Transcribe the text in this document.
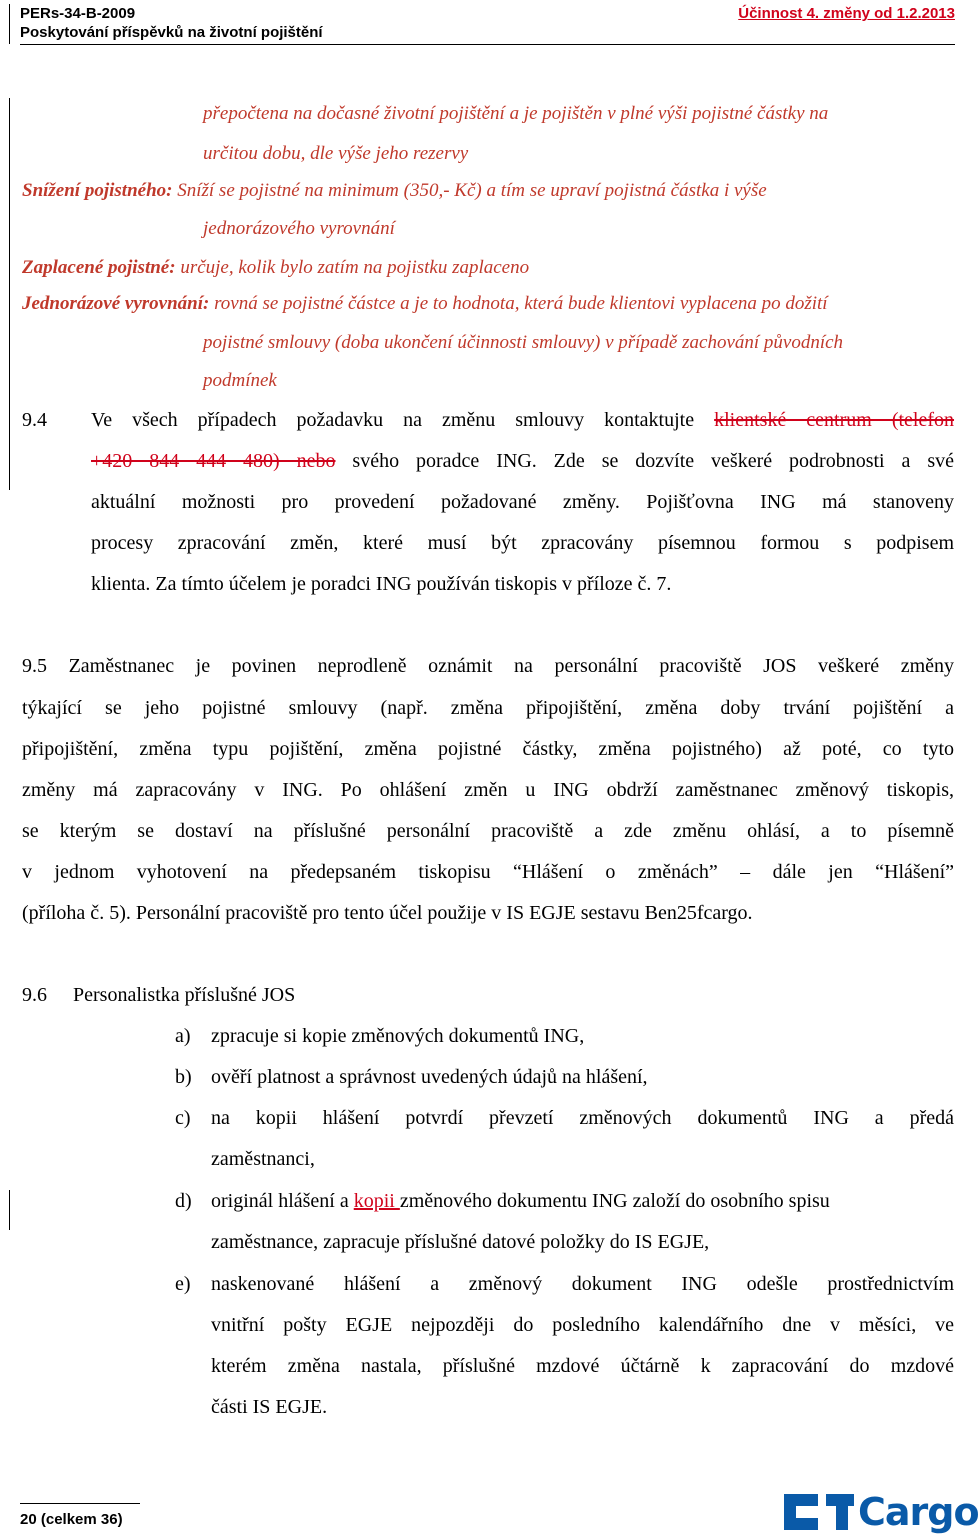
PERs-34-B-2009
Poskytování příspěvků na životní pojištění
Účinnost 4. změny od 1.2.2013
přepočtena na dočasné životní pojištění a je pojištěn v plné výši pojistné částky na
určitou dobu, dle výše jeho rezervy
Snížení pojistného: Sníží se pojistné na minimum (350,- Kč) a tím se upraví pojistná částka i výše
jednorázového vyrovnání
Zaplacené pojistné: určuje, kolik bylo zatím na pojistku zaplaceno
Jednorázové vyrovnání: rovná se pojistné částce a je to hodnota, která bude klientovi vyplacena po dožití
pojistné smlouvy (doba ukončení účinnosti smlouvy) v případě zachování původních
podmínek
9.4 Ve všech případech požadavku na změnu smlouvy kontaktujte klientské centrum (telefon
+420 844 444 480) nebo svého poradce ING. Zde se dozvíte veškeré podrobnosti a své
aktuální možnosti pro provedení požadované změny. Pojišťovna ING má stanoveny
procesy zpracování změn, které musí být zpracovány písemnou formou s podpisem
klienta. Za tímto účelem je poradci ING používán tiskopis v příloze č. 7.
9.5 Zaměstnanec je povinen neprodleně oznámit na personální pracoviště JOS veškeré změny
týkající se jeho pojistné smlouvy (např. změna připojištění, změna doby trvání pojištění a
připojištění, změna typu pojištění, změna pojistné částky, změna pojistného) až poté, co tyto
změny má zapracovány v ING. Po ohlášení změn u ING obdrží zaměstnanec změnový tiskopis,
se kterým se dostaví na příslušné personální pracoviště a zde změnu ohlásí, a to písemně
v jednom vyhotovení na předepsaném tiskopisu “Hlášení o změnách” – dále jen “Hlášení”
(příloha č. 5). Personální pracoviště pro tento účel použije v IS EGJE sestavu Ben25fcargo.
9.6 Personalistka příslušné JOS
a) zpracuje si kopie změnových dokumentů ING,
b) ověří platnost a správnost uvedených údajů na hlášení,
c) na kopii hlášení potvrdí převzetí změnových dokumentů ING a předá
zaměstnanci,
d) originál hlášení a kopii změnového dokumentu ING založí do osobního spisu
zaměstnance, zapracuje příslušné datové položky do IS EGJE,
e) naskenované hlášení a změnový dokument ING odešle prostřednictvím
vnitřní pošty EGJE nejpozději do posledního kalendářního dne v měsíci, ve
kterém změna nastala, příslušné mzdové účtárně k zapracování do mzdové
části IS EGJE.
20 (celkem 36)	Cargo
